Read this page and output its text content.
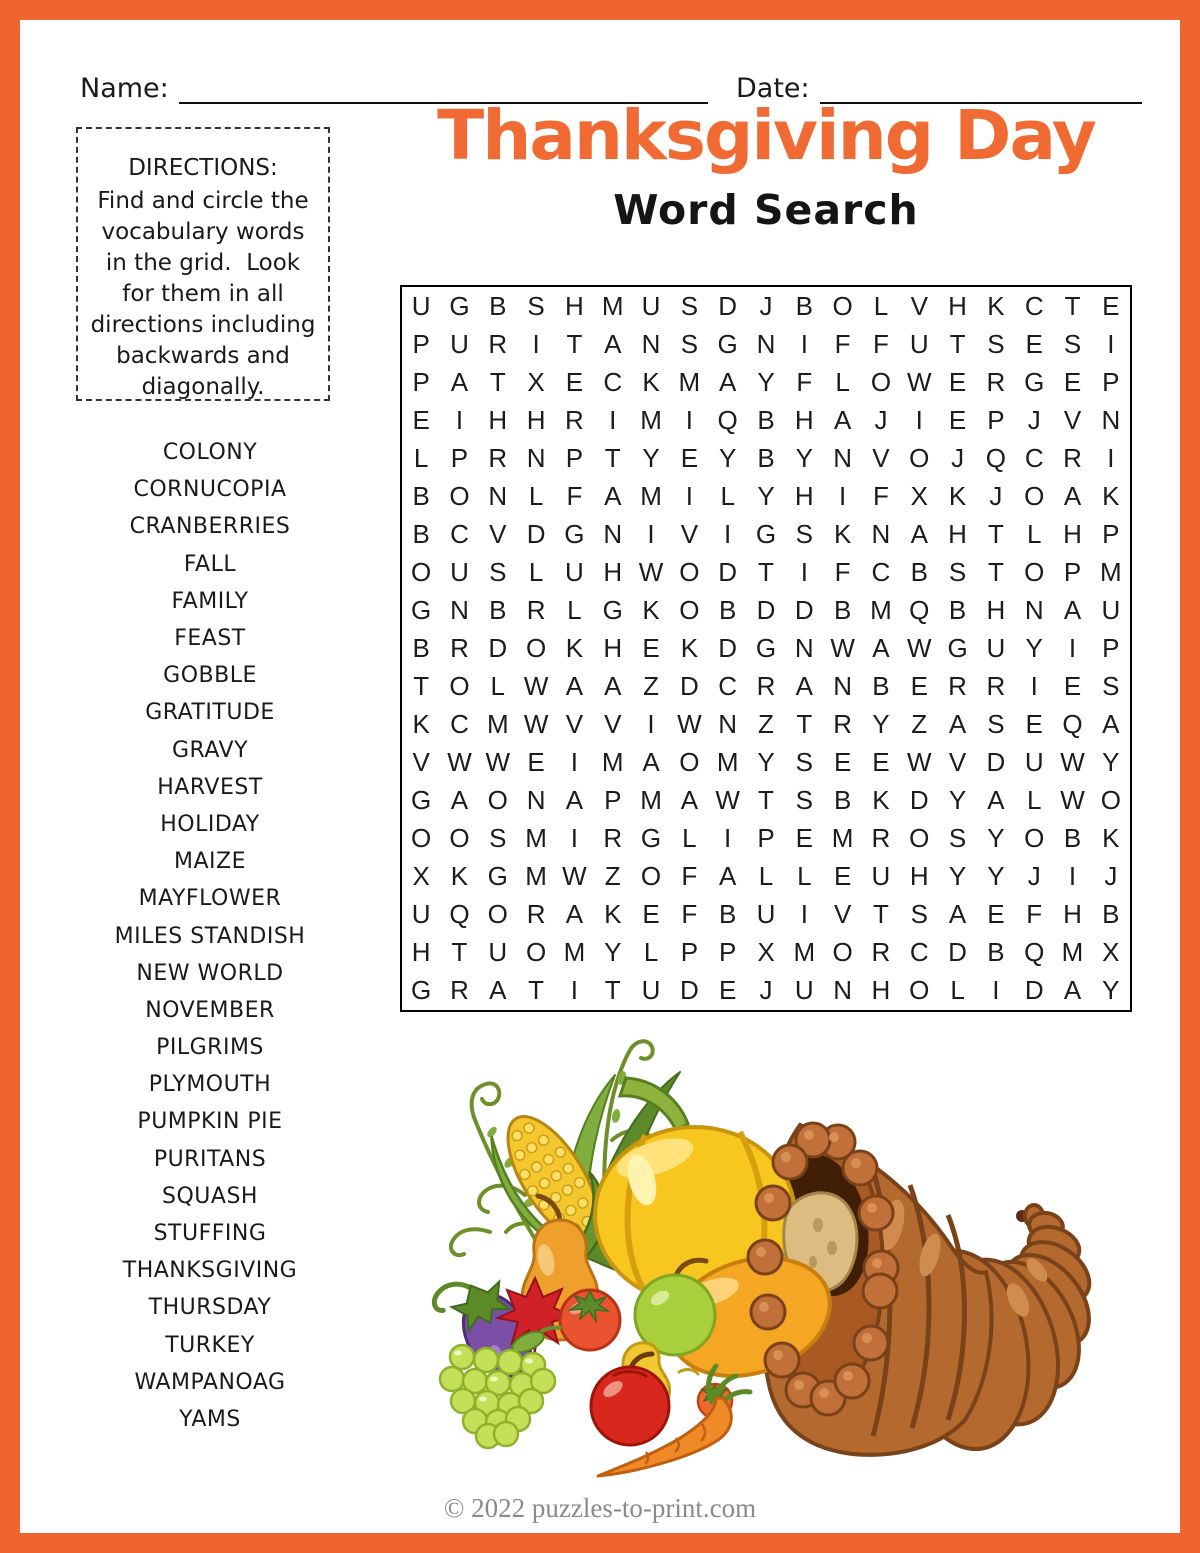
Name:	Date:
DIRECTIONS:
Find and circle the
vocabulary words
in the grid.  Look
for them in all
directions including
backwards and
diagonally.
Thanksgiving Day
Word Search
U G B S H M U S D J B O L V H K C T E
P U R I	T A N S G N I	F F U T S E S	I
P A T X E C K M A Y F L O W E R G E P
E	I H H R I M I Q B H A J	I	E P J V N
L P R N P T Y E Y B Y N V O J Q C R I
B O N L F A M I	L Y H I	F X K J O A K
B C V D G N I	V	I G S K N A H T L H P
O U S L U H W O D T	I	F C B S T O P M
G N B R L G K O B D D B M Q B H N A U
B R D O K H E K D G N W A W G U Y	I	P
T O L W A A Z D C R A N B E R R I	E S
K C M W V V	I W N Z T R Y Z A S E Q A
V W W E	I M A O M Y S E E W V D U W Y
G A O N A P M A W T S B K D Y A L W O
O O S M I R G L	I	P E M R O S Y O B K
X K G M W Z O F A L L E U H Y Y J	I	J
U Q O R A K E F B U I	V T S A E F H B
H T U O M Y L P P X M O R C D B Q M X
G R A T	I	T U D E J U N H O L	I D A Y
COLONY
CORNUCOPIA
CRANBERRIES
FALL
FAMILY
FEAST
GOBBLE
GRATITUDE
GRAVY
HARVEST
HOLIDAY
MAIZE
MAYFLOWER
MILES STANDISH
NEW WORLD
NOVEMBER
PILGRIMS
PLYMOUTH
PUMPKIN PIE
PURITANS
SQUASH
STUFFING
THANKSGIVING
THURSDAY
TURKEY
WAMPANOAG
YAMS
© 2022 puzzles-to-print.com
